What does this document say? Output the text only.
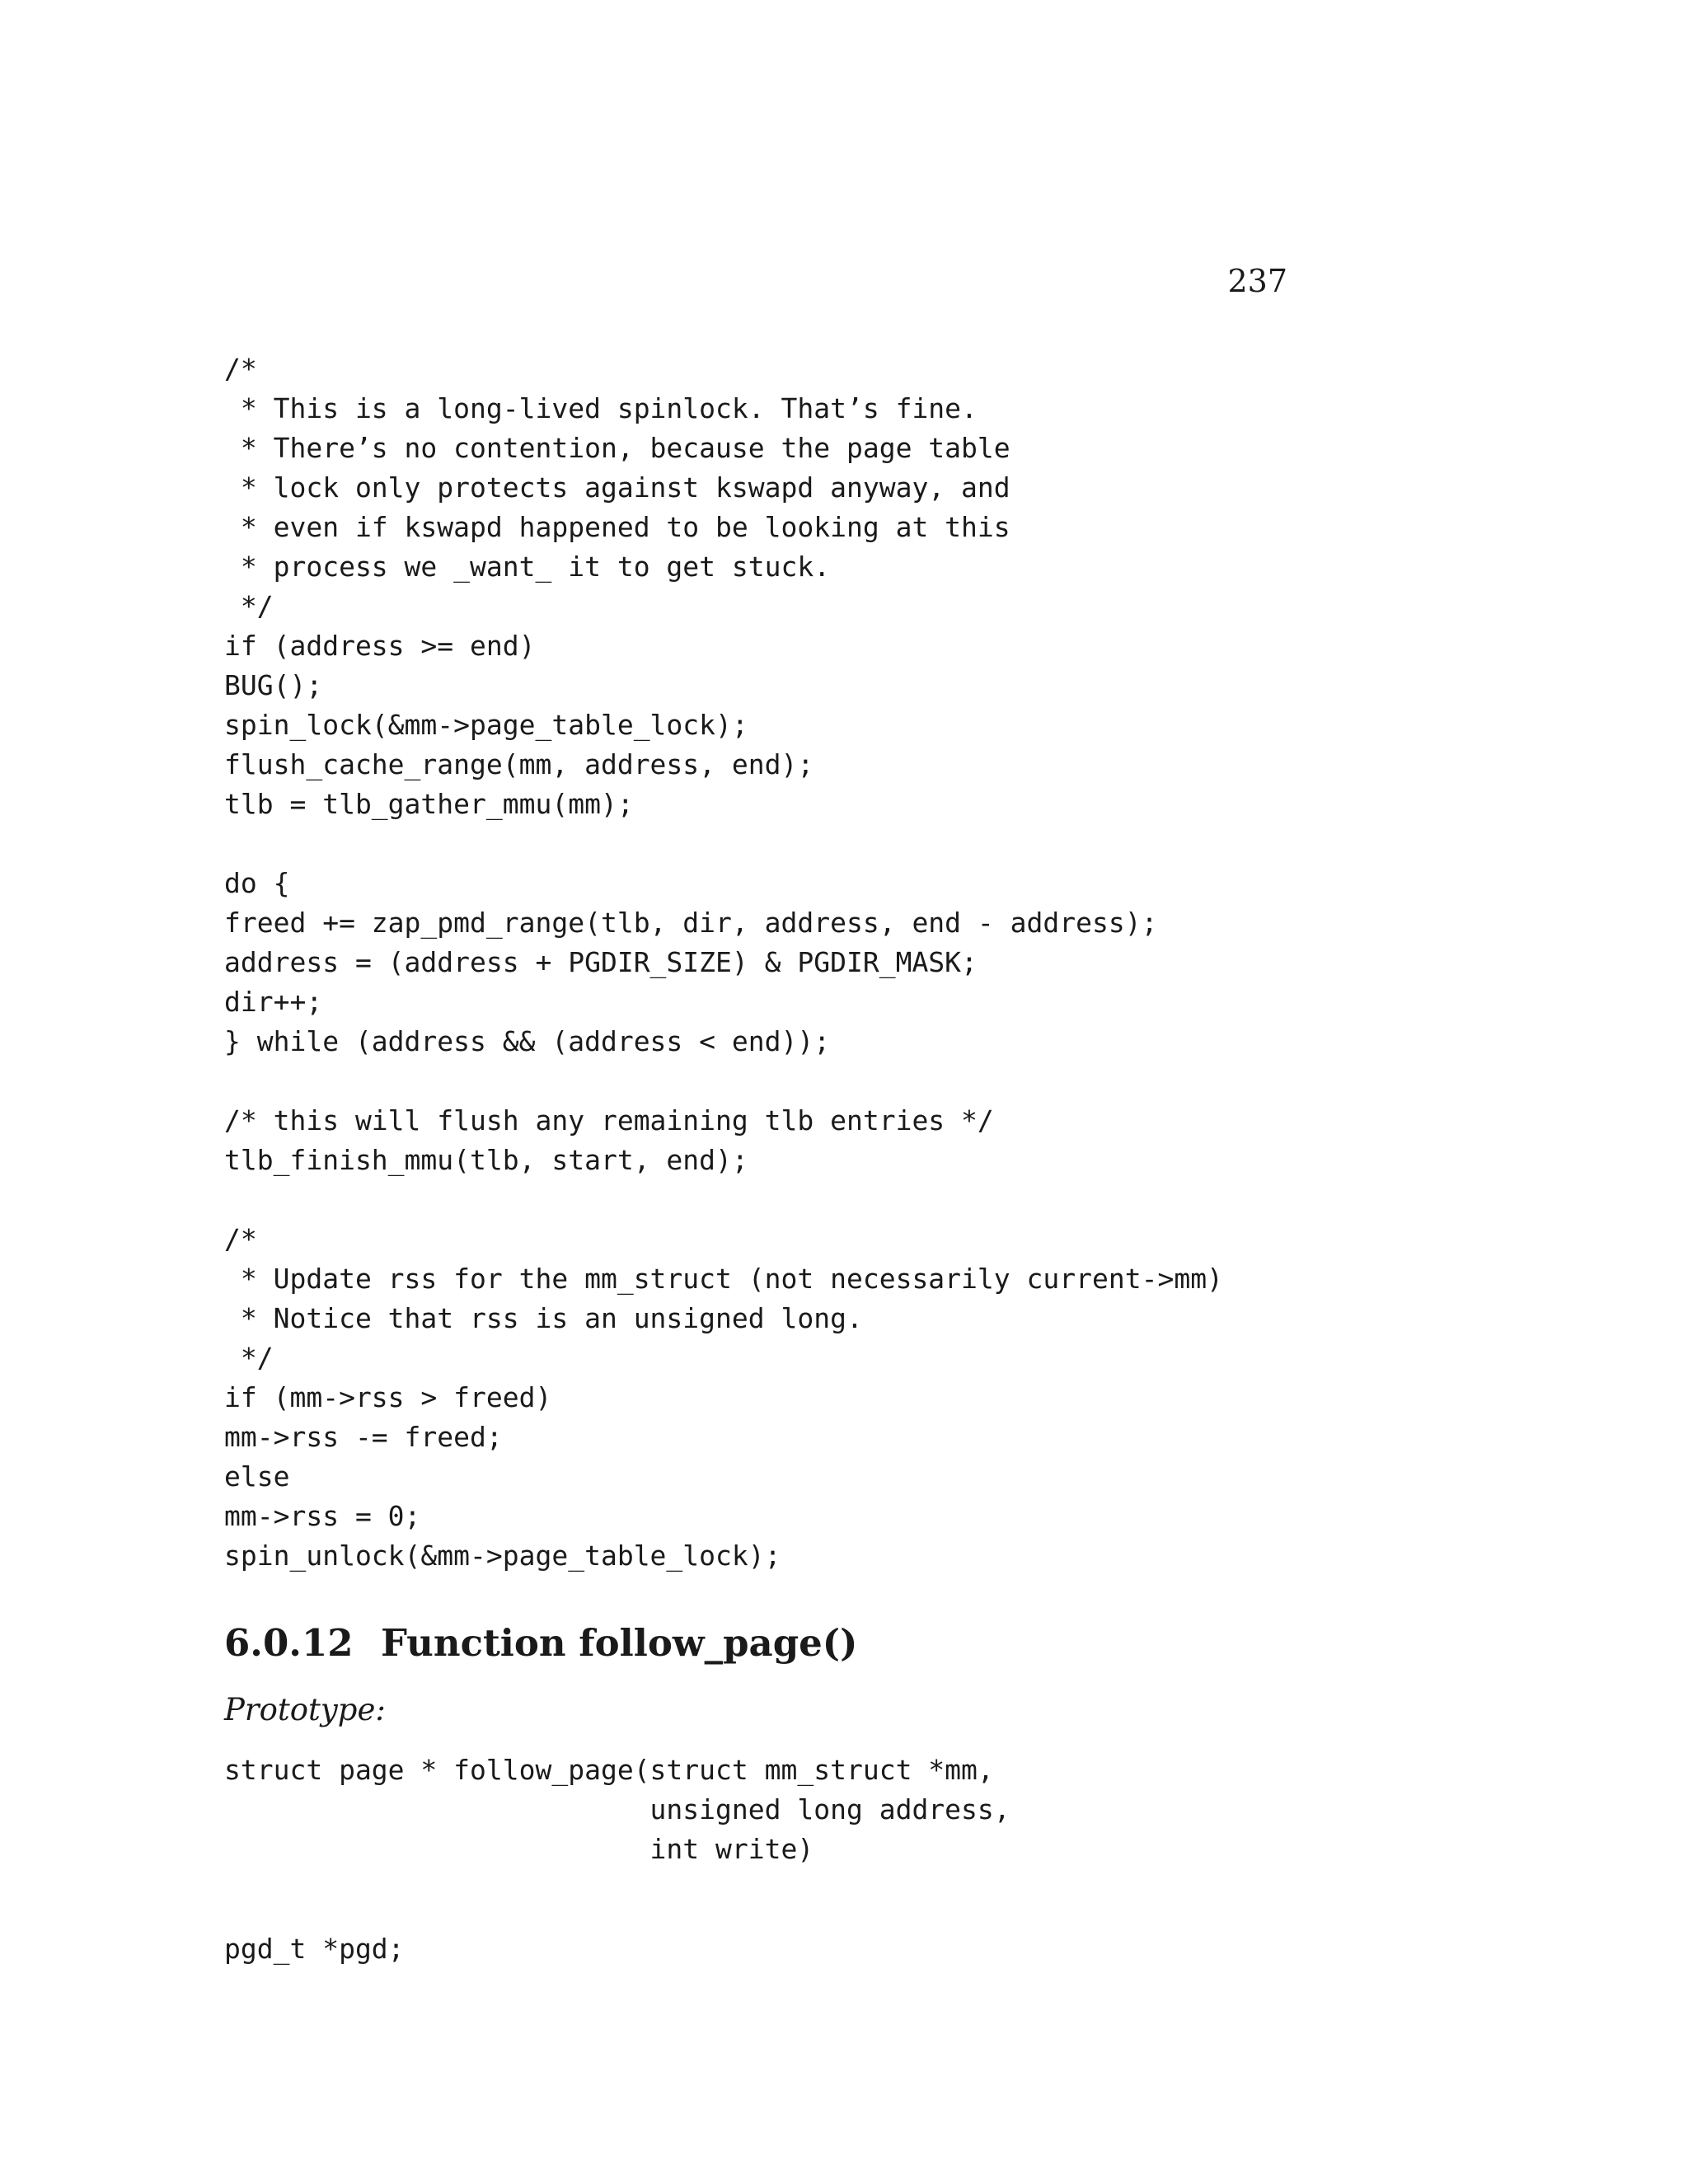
237
/*
* This is a long-lived spinlock. That’s fine.
* There’s no contention, because the page table
* lock only protects against kswapd anyway, and
* even if kswapd happened to be looking at this
* process we _want_ it to get stuck.
*/
if (address >= end)
BUG();
spin_lock(&mm->page_table_lock);
flush_cache_range(mm, address, end);
tlb = tlb_gather_mmu(mm);
do {
freed += zap_pmd_range(tlb, dir, address, end - address);
address = (address + PGDIR_SIZE) & PGDIR_MASK;
dir++;
} while (address && (address < end));
/* this will flush any remaining tlb entries */
tlb_finish_mmu(tlb, start, end);
/*
* Update rss for the mm_struct (not necessarily current->mm)
* Notice that rss is an unsigned long.
*/
if (mm->rss > freed)
mm->rss -= freed;
else
mm->rss = 0;
spin_unlock(&mm->page_table_lock);
6.0.12 Function follow_page()
Prototype:
struct page * follow_page(struct mm_struct *mm,
unsigned long address,
int write)
pgd_t *pgd;
